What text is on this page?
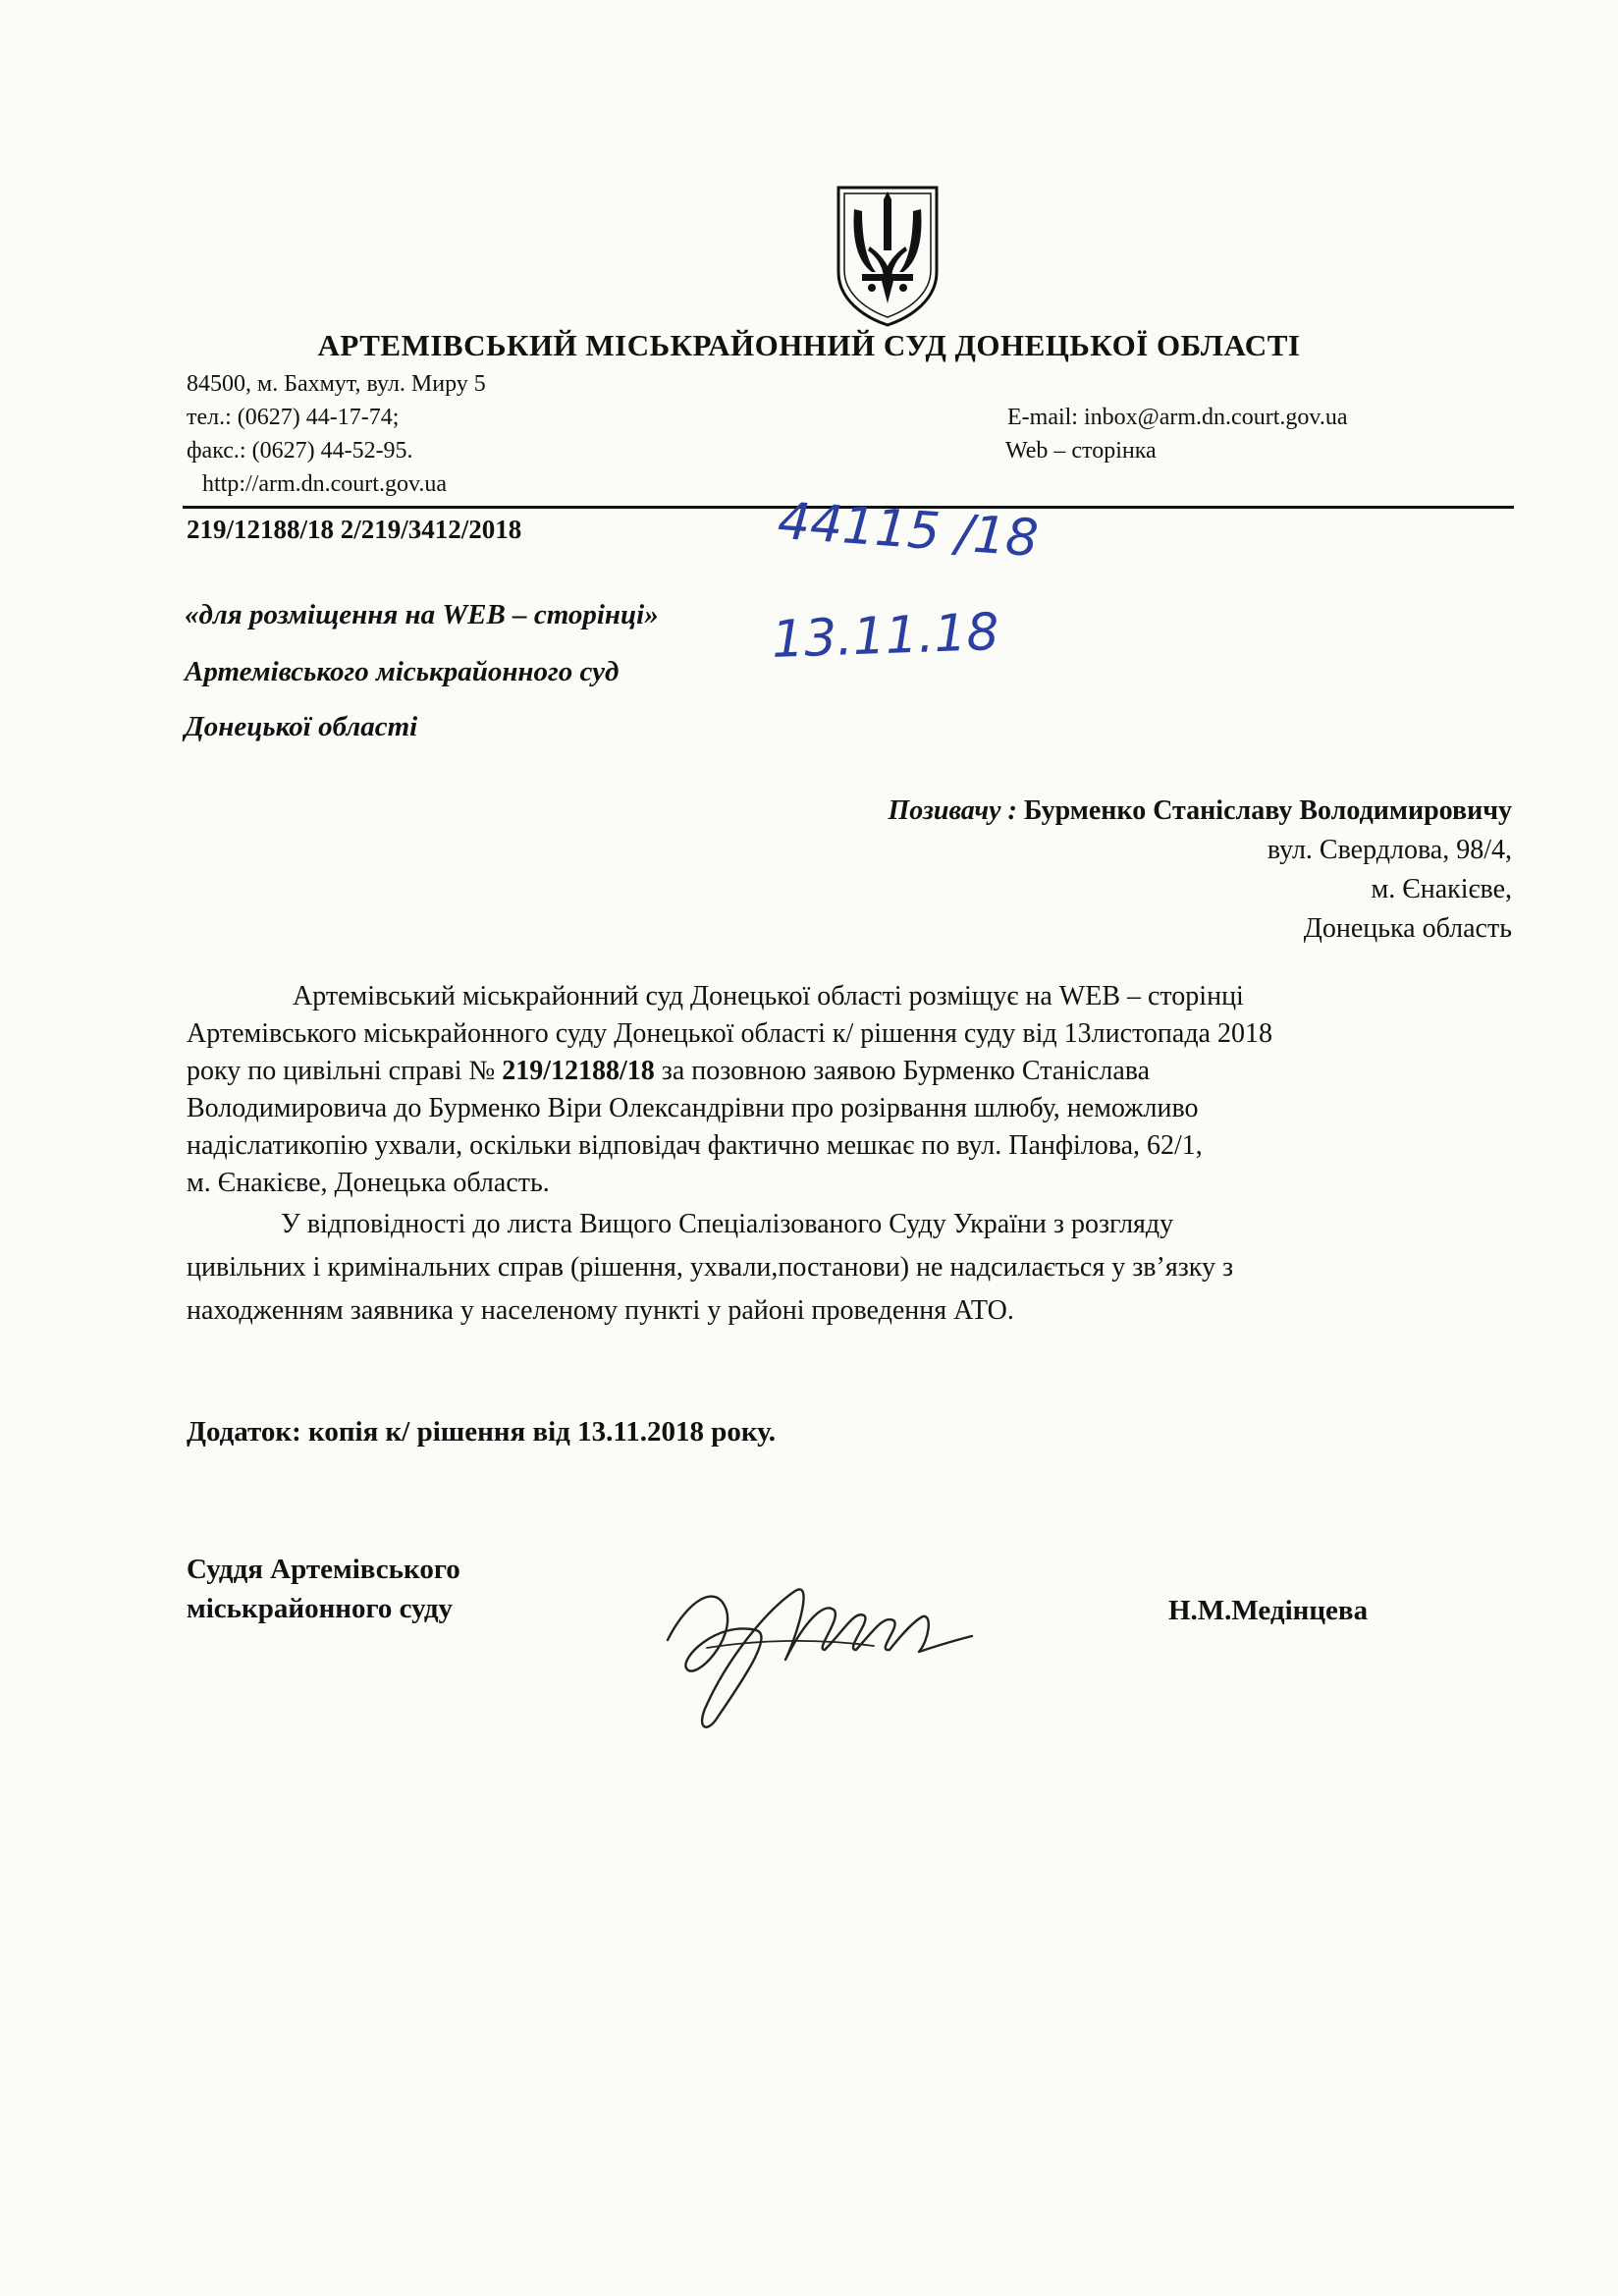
АРТЕМІВСЬКИЙ МІСЬКРАЙОННИЙ СУД ДОНЕЦЬКОЇ ОБЛАСТІ
84500, м. Бахмут, вул. Миру 5
тел.: (0627) 44-17-74;
факс.: (0627) 44-52-95.
http://arm.dn.court.gov.ua
E-mail: inbox@arm.dn.court.gov.ua
Web – сторінка
219/12188/18 2/219/3412/2018	44115 /18
13.11.18
«для розміщення на WEB – сторінці»
Артемівського міськрайонного суд
Донецької області
Позивачу : Бурменко Станіславу Володимировичу
вул. Свердлова, 98/4,
м. Єнакієве,
Донецька область
Артемівський міськрайонний суд Донецької області розміщує на WEB – сторінці
Артемівського міськрайонного суду Донецької області к/ рішення суду від 13листопада 2018
року по цивільні справі № 219/12188/18 за позовною заявою Бурменко Станіслава
Володимировича до Бурменко Віри Олександрівни про розірвання шлюбу, неможливо
надіслатикопію ухвали, оскільки відповідач фактично мешкає по вул. Панфілова, 62/1,
м. Єнакієве, Донецька область.
У відповідності до листа Вищого Спеціалізованого Суду України з розгляду
цивільних і кримінальних справ (рішення, ухвали,постанови) не надсилається у зв’язку з
находженням заявника у населеному пункті у районі проведення АТО.
Додаток: копія к/ рішення від 13.11.2018 року.
Суддя Артемівського
міськрайонного суду	Н.М.Медінцева
